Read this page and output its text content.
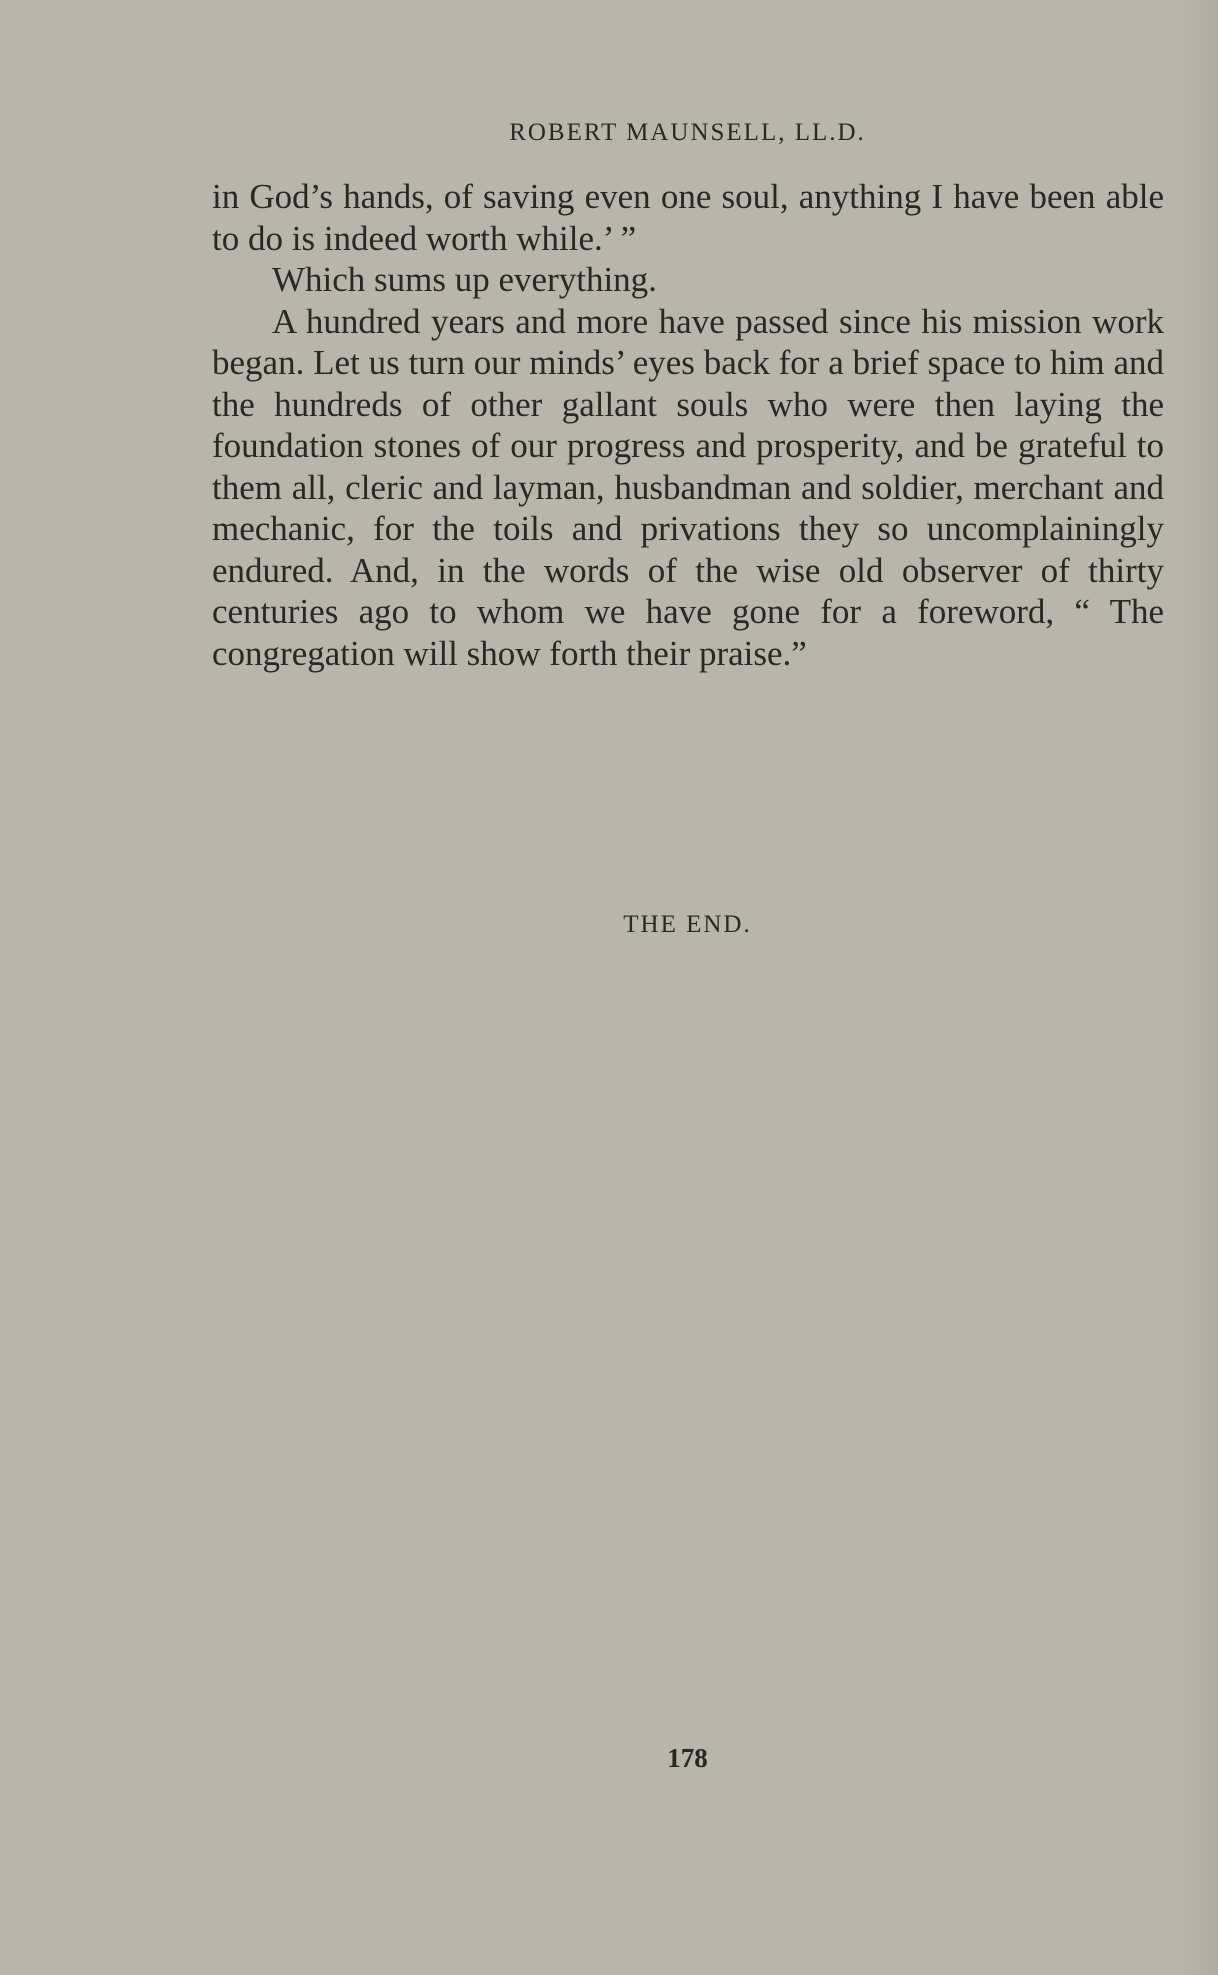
ROBERT MAUNSELL, LL.D.

in God’s hands, of saving even one soul, anything I have been able to do is indeed worth while.’ ”

Which sums up everything.

A hundred years and more have passed since his mission work began. Let us turn our minds’ eyes back for a brief space to him and the hundreds of other gallant souls who were then laying the foundation stones of our progress and prosperity, and be grateful to them all, cleric and layman, husbandman and soldier, merchant and mechanic, for the toils and privations they so uncomplainingly endured. And, in the words of the wise old observer of thirty centuries ago to whom we have gone for a foreword, “ The congregation will show forth their praise.”

THE END.
178
